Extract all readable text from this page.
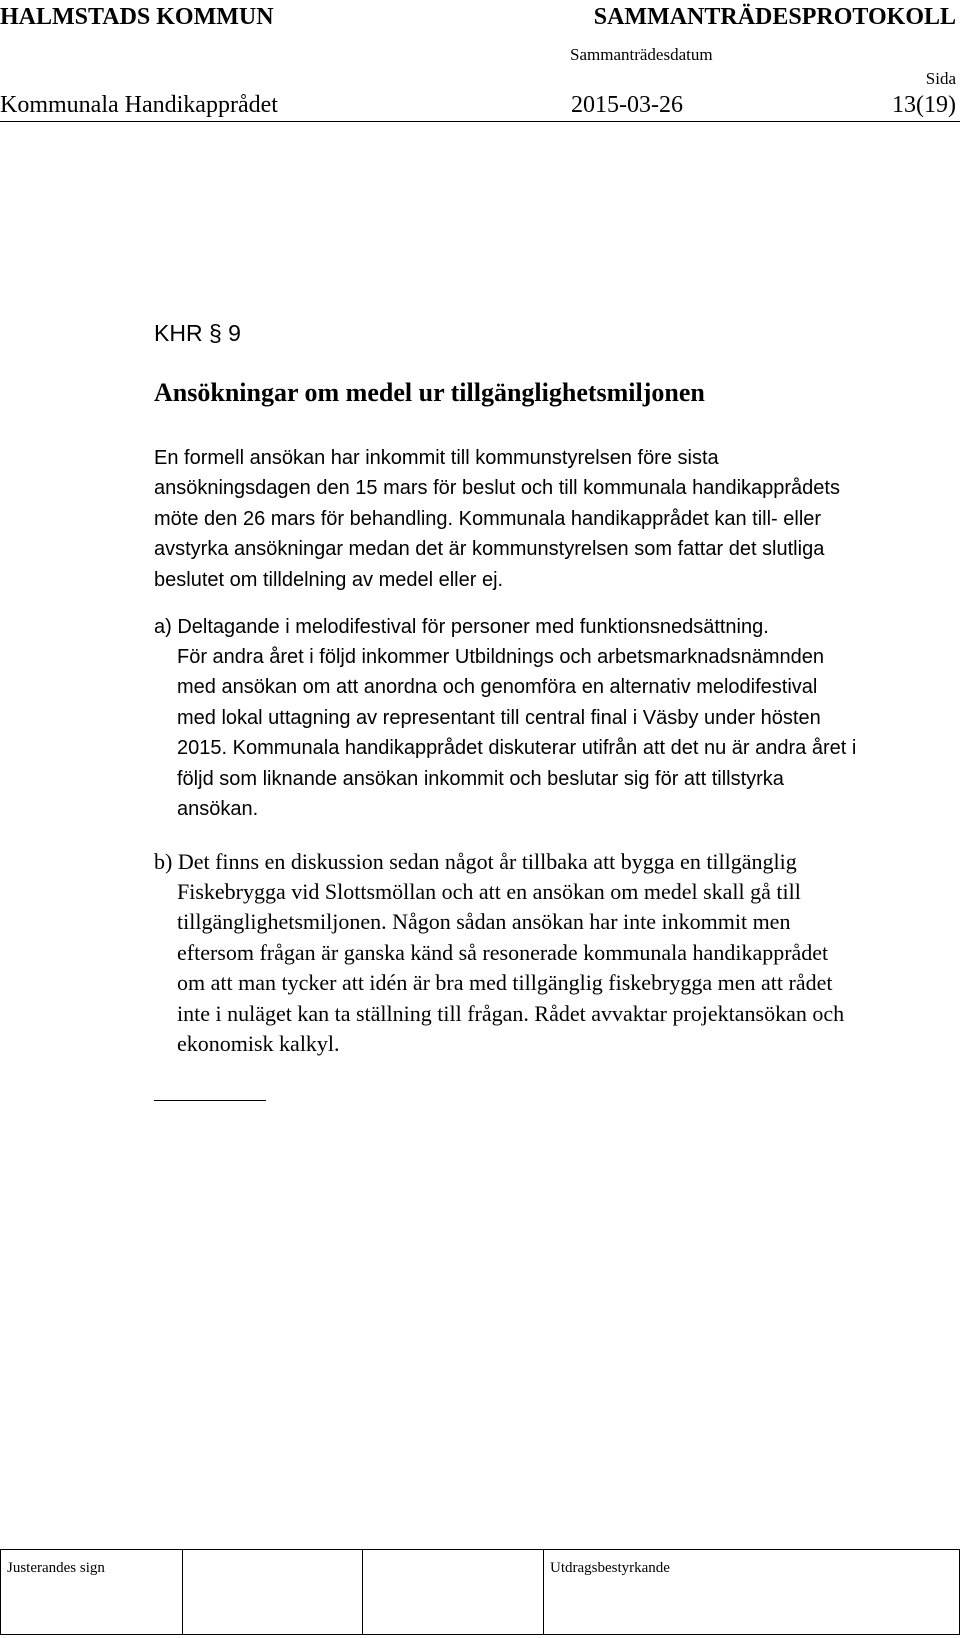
HALMSTADS KOMMUN	SAMMANTRÄDESPROTOKOLL
Sammanträdesdatum
Sida
Kommunala Handikapprådet	2015-03-26	13(19)
KHR § 9
Ansökningar om medel ur tillgänglighetsmiljonen
En formell ansökan har inkommit till kommunstyrelsen före sista
ansökningsdagen den 15 mars för beslut och till kommunala handikapprådets
möte den 26 mars för behandling. Kommunala handikapprådet kan till- eller
avstyrka ansökningar medan det är kommunstyrelsen som fattar det slutliga
beslutet om tilldelning av medel eller ej.
a) Deltagande i melodifestival för personer med funktionsnedsättning.
För andra året i följd inkommer Utbildnings och arbetsmarknadsnämnden
med ansökan om att anordna och genomföra en alternativ melodifestival
med lokal uttagning av representant till central final i Väsby under hösten
2015. Kommunala handikapprådet diskuterar utifrån att det nu är andra året i
följd som liknande ansökan inkommit och beslutar sig för att tillstyrka
ansökan.
b) Det finns en diskussion sedan något år tillbaka att bygga en tillgänglig
Fiskebrygga vid Slottsmöllan och att en ansökan om medel skall gå till
tillgänglighetsmiljonen. Någon sådan ansökan har inte inkommit men
eftersom frågan är ganska känd så resonerade kommunala handikapprådet
om att man tycker att idén är bra med tillgänglig fiskebrygga men att rådet
inte i nuläget kan ta ställning till frågan. Rådet avvaktar projektansökan och
ekonomisk kalkyl.
Justerandes sign			Utdragsbestyrkande
